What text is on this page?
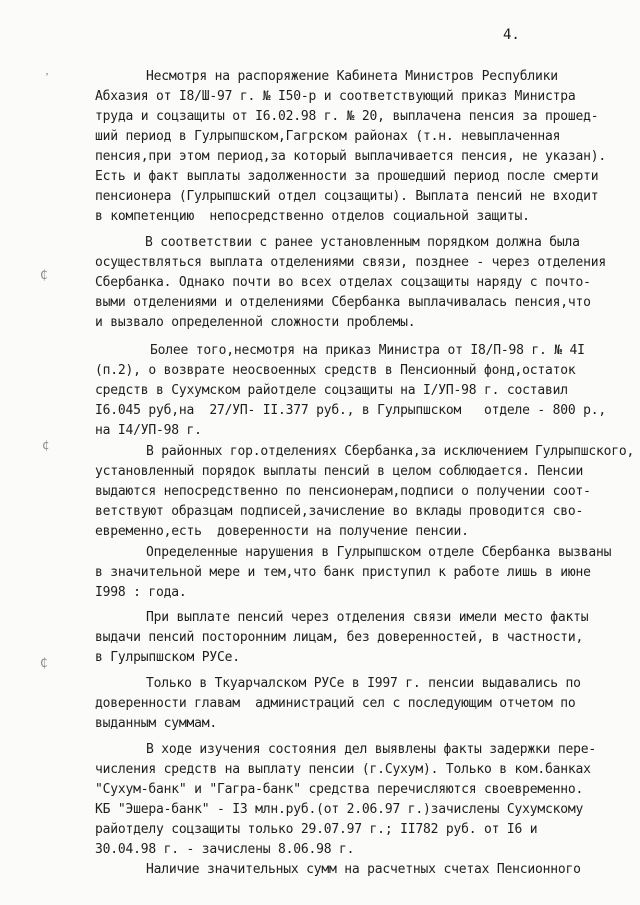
4.
᾿
₵
¢
₵
Несмотря на распоряжение Кабинета Министров Республики
Абхазия от I8/Ш-97 г. № I50-р и соответствующий приказ Министра
труда и соцзащиты от I6.02.98 г. № 20, выплачена пенсия за прошед-
ший период в Гулрыпшском,Гагрском районах (т.н. невыплаченная
пенсия,при этом период,за который выплачивается пенсия, не указан).
Есть и факт выплаты задолженности за прошедший период после смерти
пенсионера (Гулрыпшский отдел соцзащиты). Выплата пенсий не входит
в компетенцию  непосредственно отделов социальной защиты.
В соответствии с ранее установленным порядком должна была
осуществляться выплата отделениями связи, позднее - через отделения
Сбербанка. Однако почти во всех отделах соцзащиты наряду с почто-
выми отделениями и отделениями Сбербанка выплачивалась пенсия,что
и вызвало определенной сложности проблемы.
Более того,несмотря на приказ Министра от I8/П-98 г. № 4I
(п.2), о возврате неосвоенных средств в Пенсионный фонд,остаток
средств в Сухумском райотделе соцзащиты на I/УП-98 г. составил
I6.045 руб,на  27/УП- II.377 руб., в Гулрыпшском   отделе - 800 р.,
на I4/УП-98 г.
В районных гор.отделениях Сбербанка,за исключением Гулрыпшского,
установленный порядок выплаты пенсий в целом соблюдается. Пенсии
выдаются непосредственно по пенсионерам,подписи о получении соот-
ветствуют образцам подписей,зачисление во вклады проводится сво-
евременно,есть  доверенности на получение пенсии.
Определенные нарушения в Гулрыпшском отделе Сбербанка вызваны
в значительной мере и тем,что банк приступил к работе лишь в июне
I998 : года.
При выплате пенсий через отделения связи имели место факты
выдачи пенсий посторонним лицам, без доверенностей, в частности,
в Гулрыпшском РУСе.
Только в Ткуарчалском РУСе в I997 г. пенсии выдавались по
доверенности главам  администраций сел с последующим отчетом по
выданным суммам.
В ходе изучения состояния дел выявлены факты задержки пере-
числения средств на выплату пенсии (г.Сухум). Только в ком.банках
"Сухум-банк" и "Гагра-банк" средства перечисляются своевременно.
КБ "Эшера-банк" - I3 млн.руб.(от 2.06.97 г.)зачислены Сухумскому
райотделу соцзащиты только 29.07.97 г.; II782 руб. от I6 и
30.04.98 г. - зачислены 8.06.98 г.
Наличие значительных сумм на расчетных счетах Пенсионного
